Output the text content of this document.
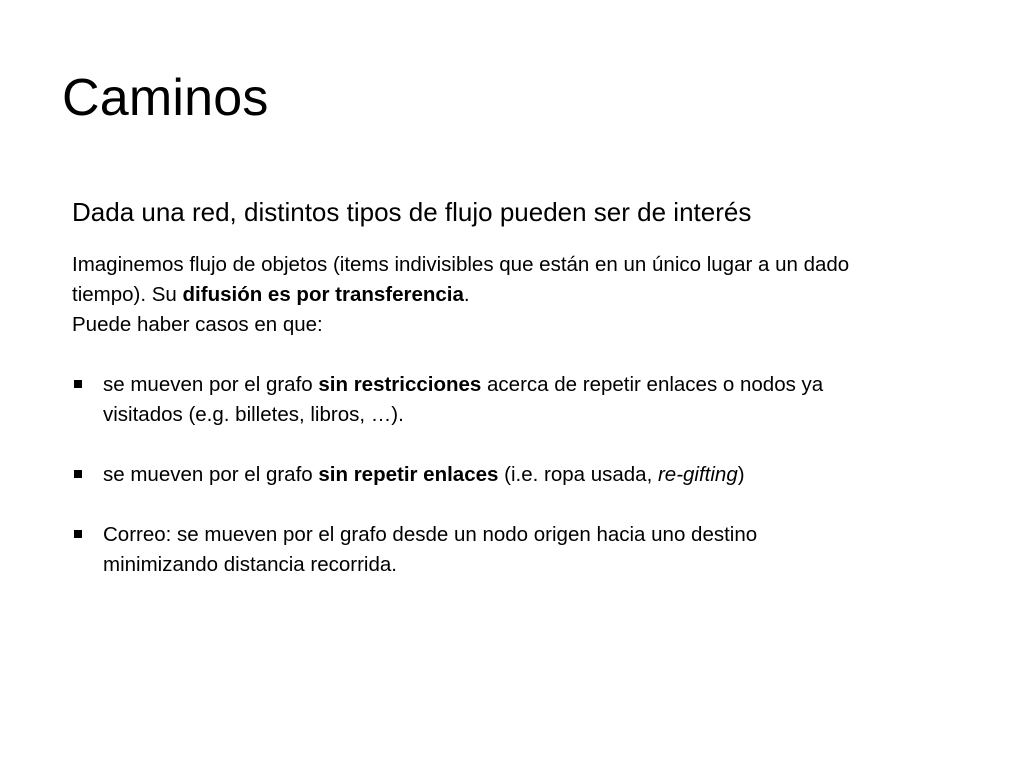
Caminos

Dada una red, distintos tipos de flujo pueden ser de interés

Imaginemos flujo de objetos (items indivisibles que están en un único lugar a un dado
tiempo). Su difusión es por transferencia.
Puede haber casos en que:
se mueven por el grafo sin restricciones acerca de repetir enlaces o nodos ya
visitados (e.g. billetes, libros, …).
se mueven por el grafo sin repetir enlaces (i.e. ropa usada, re-gifting)
Correo: se mueven por el grafo desde un nodo origen hacia uno destino
minimizando distancia recorrida.
